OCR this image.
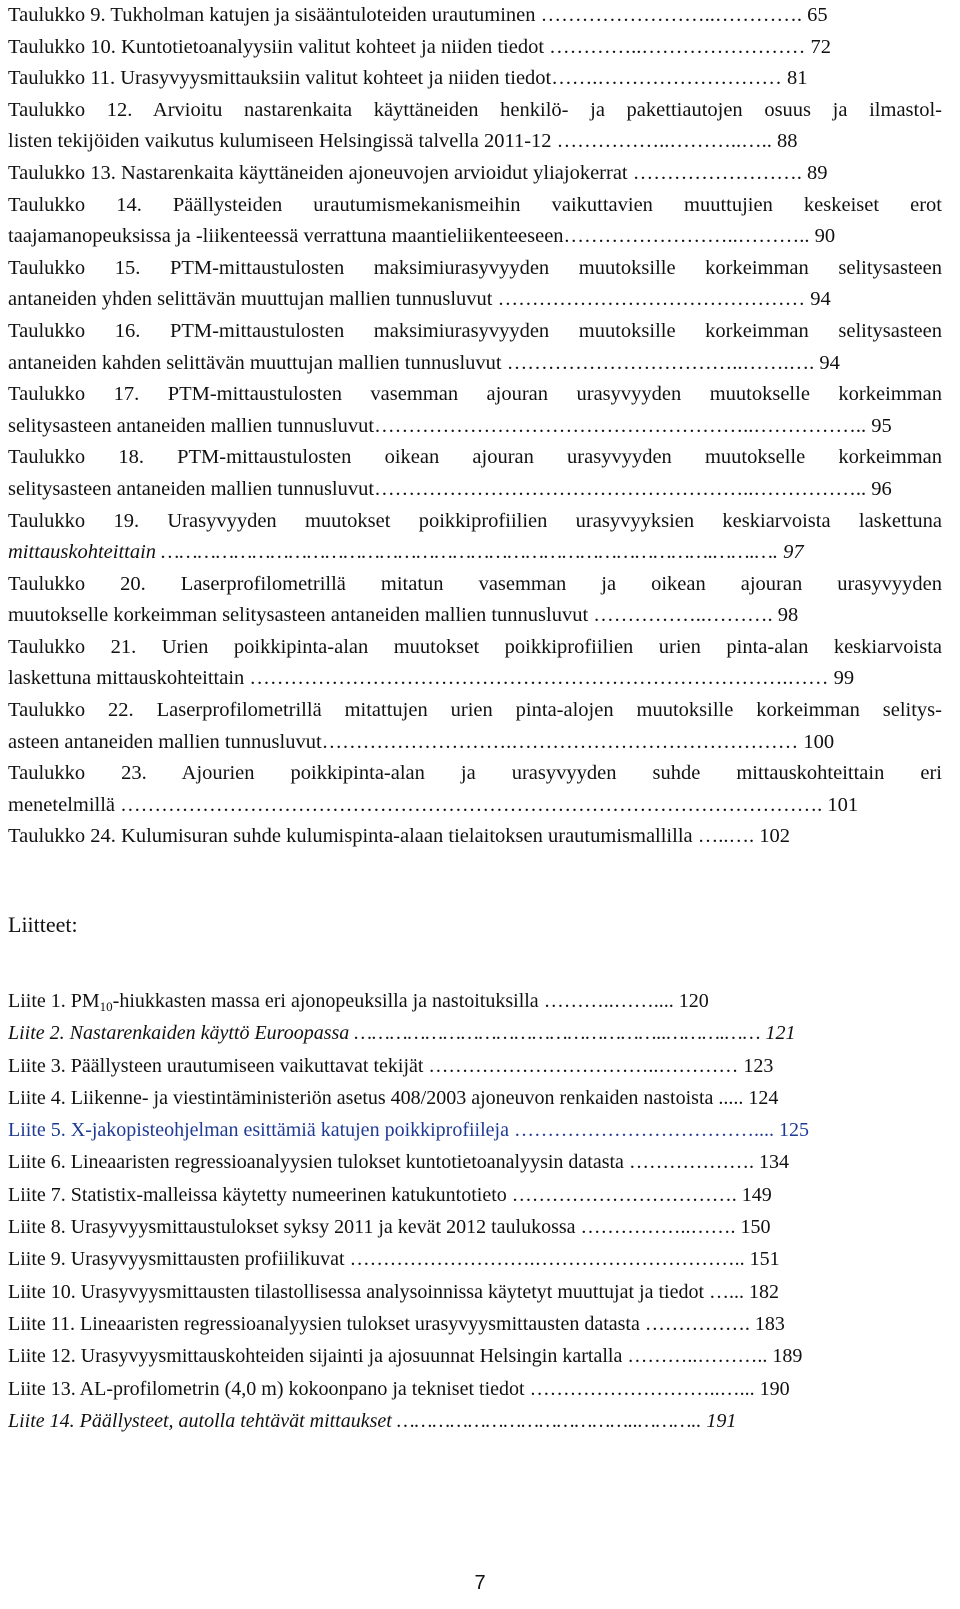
Taulukko 9. Tukholman katujen ja sisääntuloteiden urautuminen ……………………..…………. 65
Taulukko 10. Kuntotietoanalyysiin valitut kohteet ja niiden tiedot …………..…………………… 72
Taulukko 11. Urasyvyysmittauksiin valitut kohteet ja niiden tiedot…….……………………… 81
Taulukko 12. Arvioitu nastarenkaita käyttäneiden henkilö- ja pakettiautojen osuus ja ilmastol-
listen tekijöiden vaikutus kulumiseen Helsingissä talvella 2011-12 ……………..………..….. 88
Taulukko 13. Nastarenkaita käyttäneiden ajoneuvojen arvioidut yliajokerrat ……………………. 89
Taulukko 14. Päällysteiden urautumismekanismeihin vaikuttavien muuttujien keskeiset erot
taajamanopeuksissa ja -liikenteessä verrattuna maantieliikenteeseen……………………..……….. 90
Taulukko 15. PTM-mittaustulosten maksimiurasyvyyden muutoksille korkeimman selitysasteen
antaneiden yhden selittävän muuttujan mallien tunnusluvut ……………………………………… 94
Taulukko 16. PTM-mittaustulosten maksimiurasyvyyden muutoksille korkeimman selitysasteen
antaneiden kahden selittävän muuttujan mallien tunnusluvut ……………………………..…….…. 94
Taulukko 17. PTM-mittaustulosten vasemman ajouran urasyvyyden muutokselle korkeimman
selitysasteen antaneiden mallien tunnusluvut………………………………………………..…………….. 95
Taulukko 18. PTM-mittaustulosten oikean ajouran urasyvyyden muutokselle korkeimman
selitysasteen antaneiden mallien tunnusluvut………………………………………………..…………….. 96
Taulukko 19. Urasyvyyden muutokset poikkiprofiilien urasyvyyksien keskiarvoista laskettuna
mittauskohteittain ……………………………………………………………………………….…….…. 97
Taulukko 20. Laserprofilometrillä mitatun vasemman ja oikean ajouran urasyvyyden
muutokselle korkeimman selitysasteen antaneiden mallien tunnusluvut ……………..………. 98
Taulukko 21. Urien poikkipinta-alan muutokset poikkiprofiilien urien pinta-alan keskiarvoista
laskettuna mittauskohteittain …………………………………………………………………….…… 99
Taulukko 22. Laserprofilometrillä mitattujen urien pinta-alojen muutoksille korkeimman selitys-
asteen antaneiden mallien tunnusluvut……………………….…………………………………… 100
Taulukko 23. Ajourien poikkipinta-alan ja urasyvyyden suhde mittauskohteittain eri
menetelmillä …………………………………………………………………………………………. 101
Taulukko 24. Kulumisuran suhde kulumispinta-alaan tielaitoksen urautumismallilla …..…. 102
Liitteet:
Liite 1. $PM_{10}$-hiukkasten massa eri ajonopeuksilla ja nastoituksilla ………..…….... 120
Liite 2. Nastarenkaiden käyttö Euroopassa ……………………………………………..……….…… 121
Liite 3. Päällysteen urautumiseen vaikuttavat tekijät ……………………………..………… 123
Liite 4. Liikenne- ja viestintäministeriön asetus 408/2003 ajoneuvon renkaiden nastoista ..... 124
Liite 5. X-jakopisteohjelman esittämiä katujen poikkiprofiileja ……………………………….... 125
Liite 6. Lineaaristen regressioanalyysien tulokset kuntotietoanalyysin datasta ………………. 134
Liite 7. Statistix-malleissa käytetty numeerinen katukuntotieto ……………………………. 149
Liite 8. Urasyvyysmittaustulokset syksy 2011 ja kevät 2012 taulukossa ……………..……. 150
Liite 9. Urasyvyysmittausten profiilikuvat ……………………….………………………….. 151
Liite 10. Urasyvyysmittausten tilastollisessa analysoinnissa käytetyt muuttujat ja tiedot …... 182
Liite 11. Lineaaristen regressioanalyysien tulokset urasyvyysmittausten datasta ……………. 183
Liite 12. Urasyvyysmittauskohteiden sijainti ja ajosuunnat Helsingin kartalla ………..……….. 189
Liite 13. AL-profilometrin (4,0 m) kokoonpano ja tekniset tiedot ………………………..…... 190
Liite 14. Päällysteet, autolla tehtävät mittaukset …………………………………..……….. 191
7
